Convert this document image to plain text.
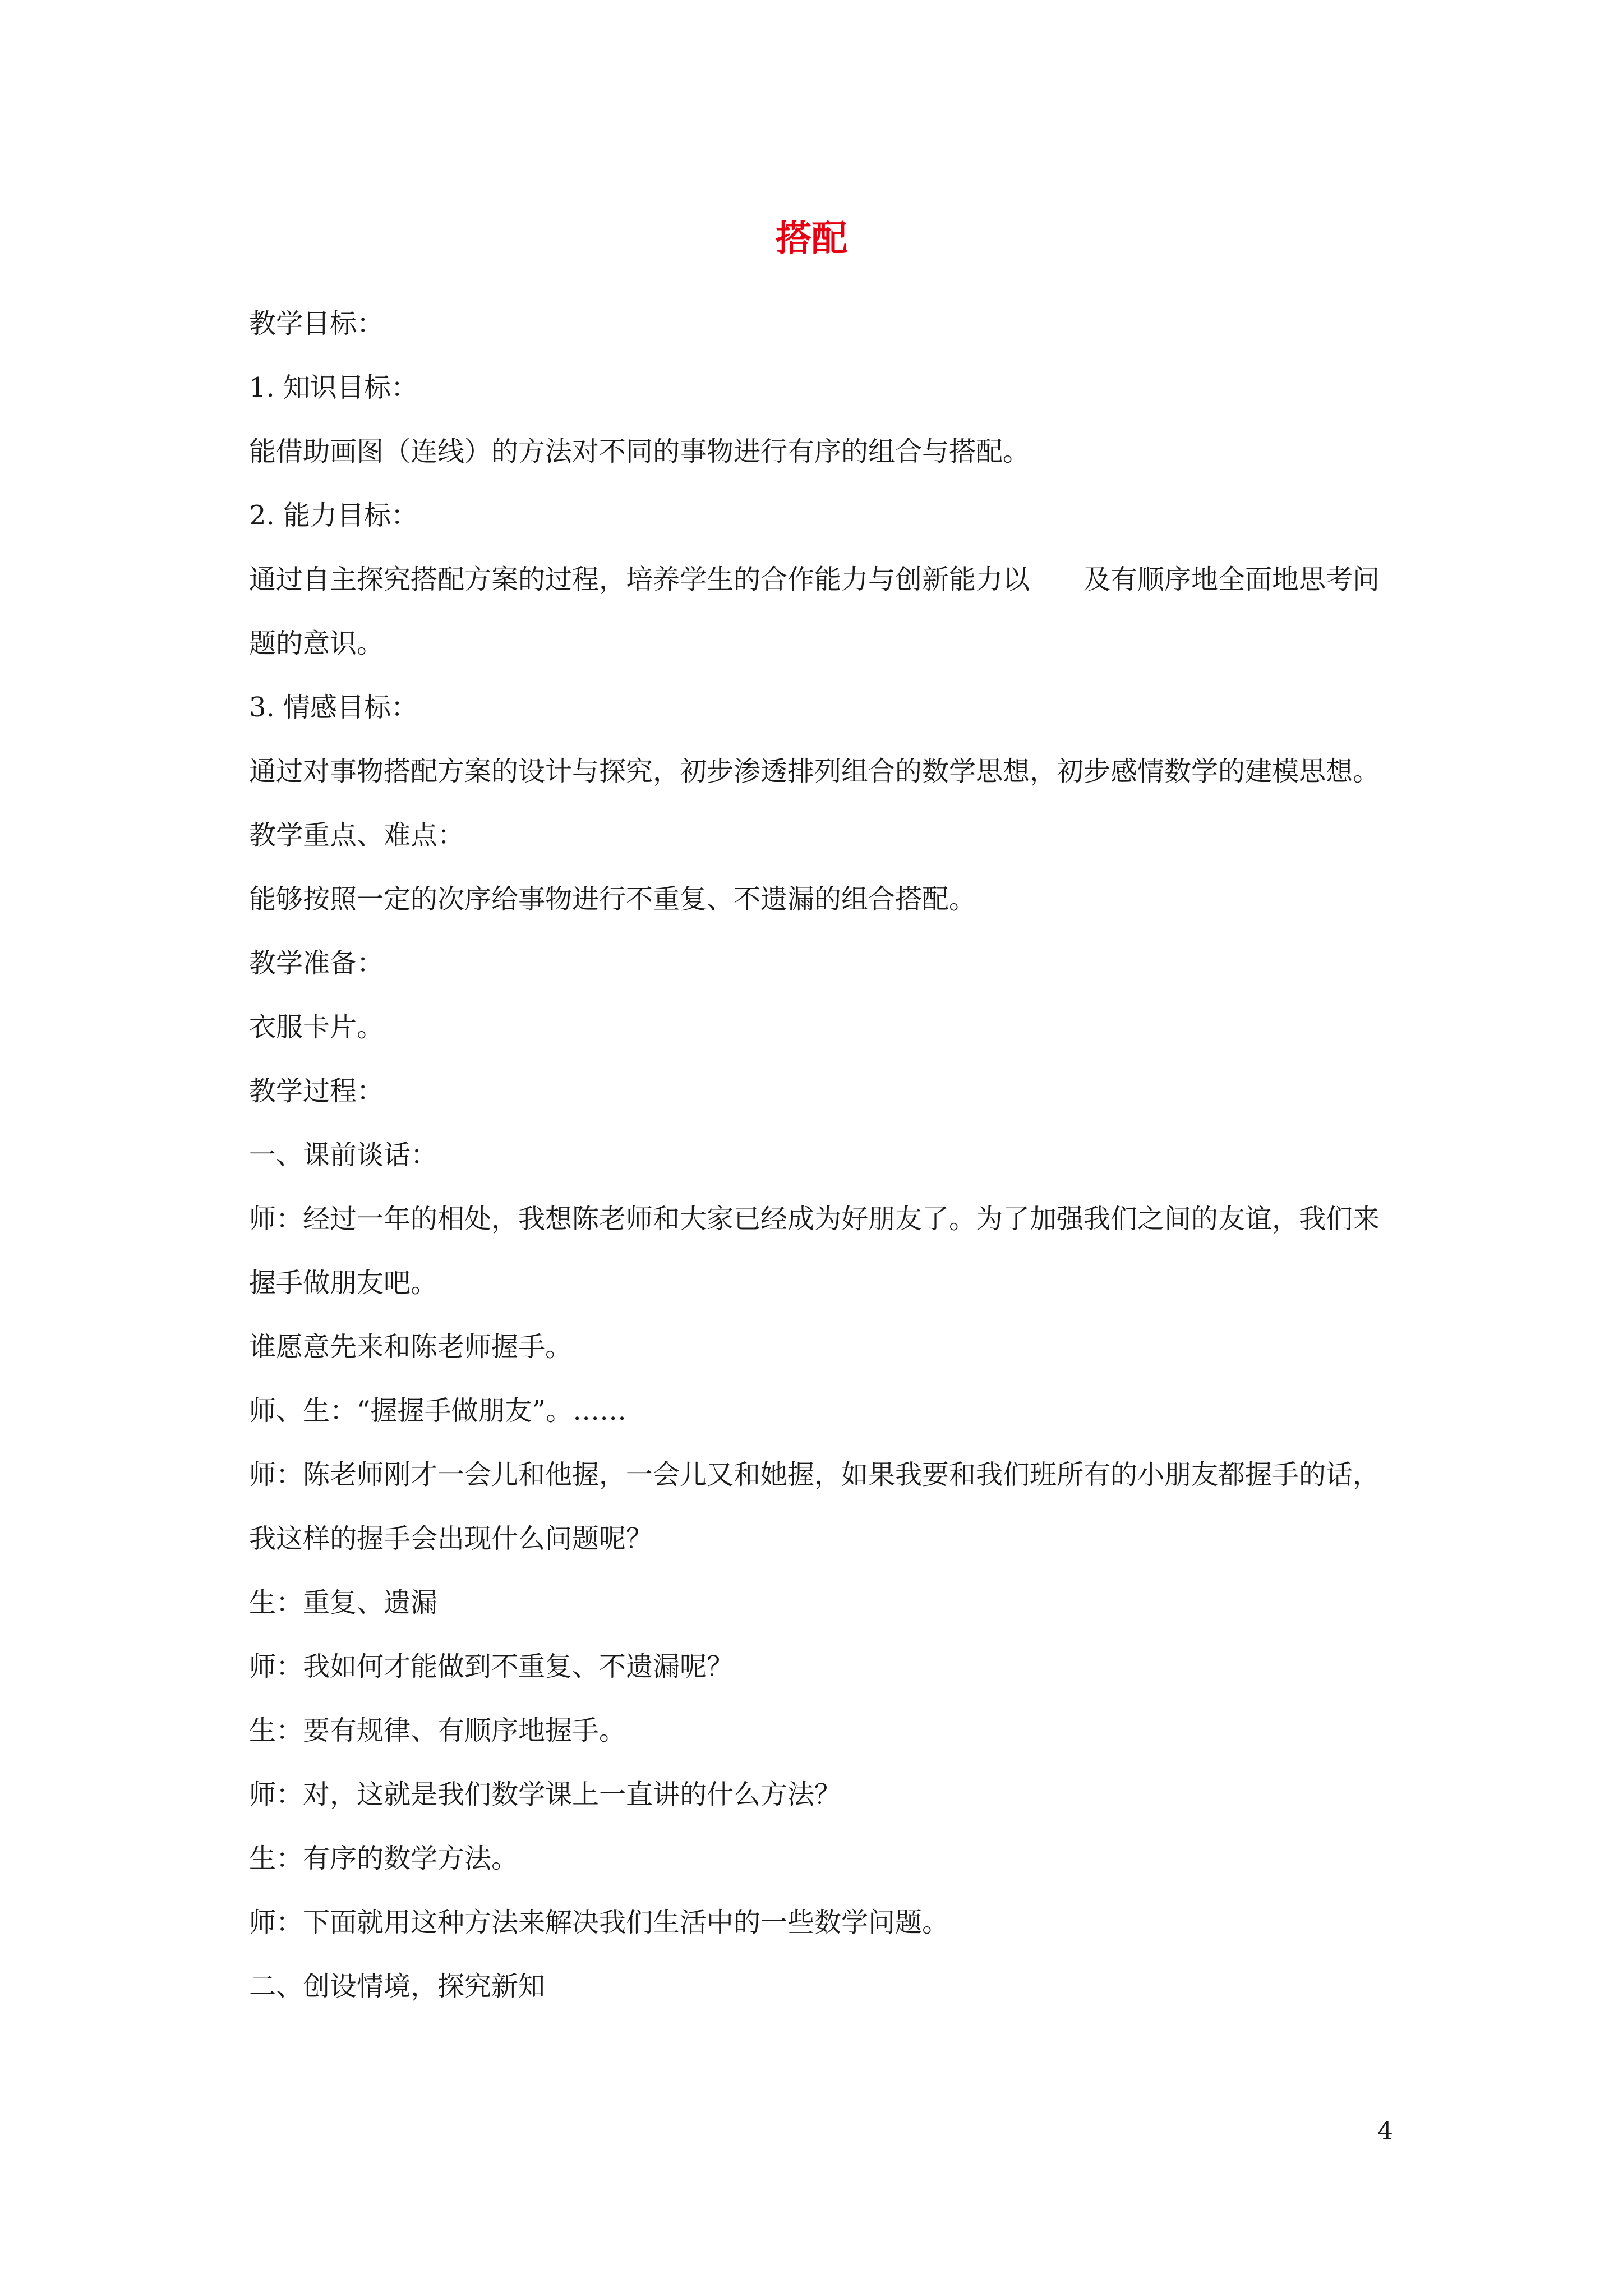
搭配

教学目标：

1. 知识目标：

能借助画图（连线）的方法对不同的事物进行有序的组合与搭配。

2. 能力目标：

通过自主探究搭配方案的过程，培养学生的合作能力与创新能力以　　及有顺序地全面地思考问题的意识。

3. 情感目标：

通过对事物搭配方案的设计与探究，初步渗透排列组合的数学思想，初步感情数学的建模思想。

教学重点、难点：

能够按照一定的次序给事物进行不重复、不遗漏的组合搭配。

教学准备：

衣服卡片。

教学过程：

一、课前谈话：

师：经过一年的相处，我想陈老师和大家已经成为好朋友了。为了加强我们之间的友谊，我们来握手做朋友吧。

谁愿意先来和陈老师握手。

师、生：“握握手做朋友”。……

师：陈老师刚才一会儿和他握，一会儿又和她握，如果我要和我们班所有的小朋友都握手的话，我这样的握手会出现什么问题呢？

生：重复、遗漏

师：我如何才能做到不重复、不遗漏呢？

生：要有规律、有顺序地握手。

师：对，这就是我们数学课上一直讲的什么方法？

生：有序的数学方法。

师：下面就用这种方法来解决我们生活中的一些数学问题。

二、创设情境，探究新知

4
